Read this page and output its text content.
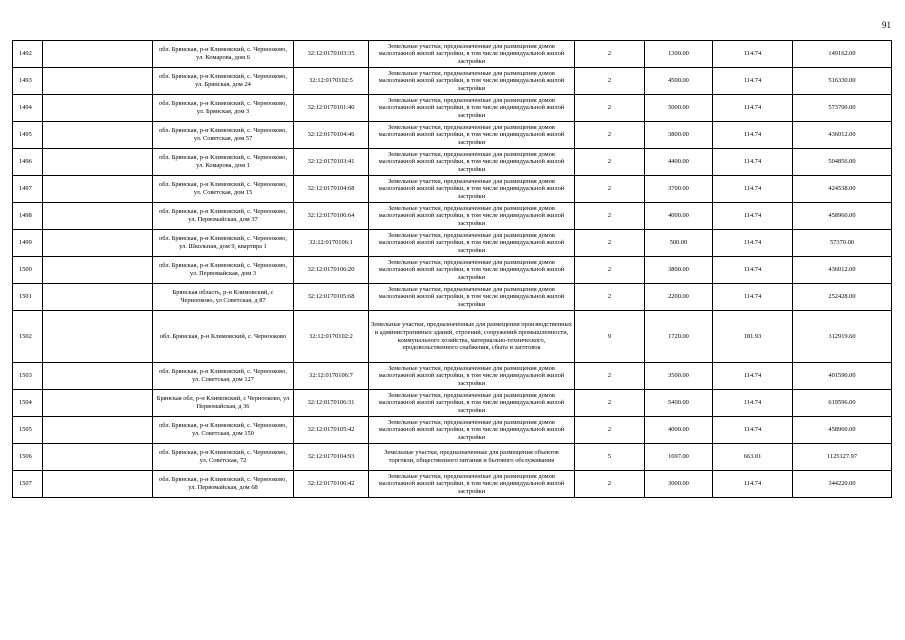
91
1492		обл. Брянская, р-н Климовский, с. Чернооково, ул. Комарова, дом 6	32:12:0170103:35	Земельные участки, предназначенные для размещения домов малоэтажной жилой застройки, в том числе индивидуальной жилой застройки	2	1300.00	114.74	149162.00
1493		обл. Брянская, р-н Климовский, с. Чернооково, ул. Брянская, дом 24	32:12:0170102:5	Земельные участки, предназначенные для размещения домов малоэтажной жилой застройки, в том числе индивидуальной жилой застройки	2	4500.00	114.74	516330.00
1494		обл. Брянская, р-н Климовский, с. Чернооково, ул. Брянская, дом 3	32:12:0170101:40	Земельные участки, предназначенные для размещения домов малоэтажной жилой застройки, в том числе индивидуальной жилой застройки	2	5000.00	114.74	573700.00
1495		обл. Брянская, р-н Климовский, с. Чернооково, ул. Советская, дом 57	32:12:0170104:46	Земельные участки, предназначенные для размещения домов малоэтажной жилой застройки, в том числе индивидуальной жилой застройки	2	3800.00	114.74	436012.00
1496		обл. Брянская, р-н Климовский, с. Чернооково, ул. Комарова, дом 1	32:12:0170103:41	Земельные участки, предназначенные для размещения домов малоэтажной жилой застройки, в том числе индивидуальной жилой застройки	2	4400.00	114.74	504856.00
1497		обл. Брянская, р-н Климовский, с. Чернооково, ул. Советская, дом 15	32:12:0170104:68	Земельные участки, предназначенные для размещения домов малоэтажной жилой застройки, в том числе индивидуальной жилой застройки	2	3700.00	114.74	424538.00
1498		обл. Брянская, р-н Климовский, с. Чернооково, ул. Первомайская, дом 37	32:12:0170106:64	Земельные участки, предназначенные для размещения домов малоэтажной жилой застройки, в том числе индивидуальной жилой застройки	2	4000.00	114.74	458960.00
1499		обл. Брянская, р-н Климовский, с. Чернооково, ул. Школьная, дом 9, квартира 1	32:12:0170106:1	Земельные участки, предназначенные для размещения домов малоэтажной жилой застройки, в том числе индивидуальной жилой застройки	2	500.00	114.74	57370.00
1500		обл. Брянская, р-н Климовский, с. Чернооково, ул. Первомайская, дом 3	32:12:0170106:20	Земельные участки, предназначенные для размещения домов малоэтажной жилой застройки, в том числе индивидуальной жилой застройки	2	3800.00	114.74	436012.00
1501		Брянская область, р-н Климовский, с Чернооково, ул Советская, д 87	32:12:0170105:68	Земельные участки, предназначенные для размещения домов малоэтажной жилой застройки, в том числе индивидуальной жилой застройки	2	2200.00	114.74	252428.00
1502		обл. Брянская, р-н Климовский, с. Чернооково	32:12:0170102:2	Земельные участки, предназначенные для размещения производственных и административных зданий, строений, сооружений промышленности, коммунального хозяйства, материально-технического, продовольственного снабжения, сбыта и заготовок	9	1720.00	181.93	312919.60
1503		обл. Брянская, р-н Климовский, с. Чернооково, ул. Советская, дом 127	32:12:0170106:7	Земельные участки, предназначенные для размещения домов малоэтажной жилой застройки, в том числе индивидуальной жилой застройки	2	3500.00	114.74	401590.00
1504		Брянская обл, р-н Климовский, с Чернооково, ул Первомайская, д 36	32:12:0170106:31	Земельные участки, предназначенные для размещения домов малоэтажной жилой застройки, в том числе индивидуальной жилой застройки	2	5400.00	114.74	619596.00
1505		обл. Брянская, р-н Климовский, с. Чернооково, ул. Советская, дом 150	32:12:0170105:42	Земельные участки, предназначенные для размещения домов малоэтажной жилой застройки, в том числе индивидуальной жилой застройки	2	4000.00	114.74	458960.00
1506		обл. Брянская, р-н Климовский, с. Чернооково, ул. Советская, 72	32:12:0170104:93	Земельные участки, предназначенные для размещения объектов торговли, общественного питания и бытового обслуживания	5	1697.00	663.01	1125127.97
1507		обл. Брянская, р-н Климовский, с. Чернооково, ул. Первомайская, дом 68	32:12:0170106:42	Земельные участки, предназначенные для размещения домов малоэтажной жилой застройки, в том числе индивидуальной жилой застройки	2	3000.00	114.74	344220.00
